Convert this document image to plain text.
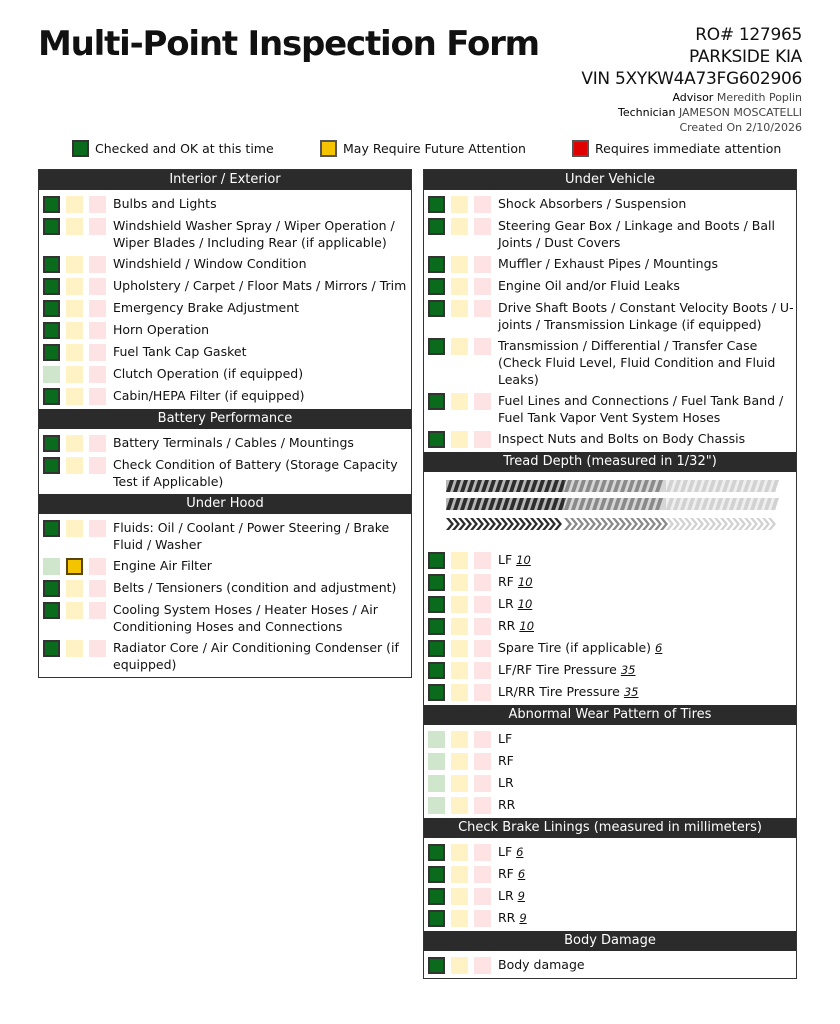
Multi-Point Inspection Form	RO# 127965
PARKSIDE KIA
VIN 5XYKW4A73FG602906
Advisor Meredith Poplin
Technician JAMESON MOSCATELLI
Created On 2/10/2026
Checked and OK at this time	May Require Future Attention	Requires immediate attention
Interior / Exterior
Bulbs and Lights
Windshield Washer Spray / Wiper Operation / Wiper Blades / Including Rear (if applicable)
Windshield / Window Condition
Upholstery / Carpet / Floor Mats / Mirrors / Trim
Emergency Brake Adjustment
Horn Operation
Fuel Tank Cap Gasket
Clutch Operation (if equipped)
Cabin/HEPA Filter (if equipped)
Battery Performance
Battery Terminals / Cables / Mountings
Check Condition of Battery (Storage Capacity Test if Applicable)
Under Hood
Fluids: Oil / Coolant / Power Steering / Brake Fluid / Washer
Engine Air Filter
Belts / Tensioners (condition and adjustment)
Cooling System Hoses / Heater Hoses / Air Conditioning Hoses and Connections
Radiator Core / Air Conditioning Condenser (if equipped)
Under Vehicle
Shock Absorbers / Suspension
Steering Gear Box / Linkage and Boots / Ball Joints / Dust Covers
Muffler / Exhaust Pipes / Mountings
Engine Oil and/or Fluid Leaks
Drive Shaft Boots / Constant Velocity Boots / U-joints / Transmission Linkage (if equipped)
Transmission / Differential / Transfer Case (Check Fluid Level, Fluid Condition and Fluid Leaks)
Fuel Lines and Connections / Fuel Tank Band / Fuel Tank Vapor Vent System Hoses
Inspect Nuts and Bolts on Body Chassis
Tread Depth (measured in 1/32")
LF 10
RF 10
LR 10
RR 10
Spare Tire (if applicable) 6
LF/RF Tire Pressure 35
LR/RR Tire Pressure 35
Abnormal Wear Pattern of Tires
LF
RF
LR
RR
Check Brake Linings (measured in millimeters)
LF 6
RF 6
LR 9
RR 9
Body Damage
Body damage
